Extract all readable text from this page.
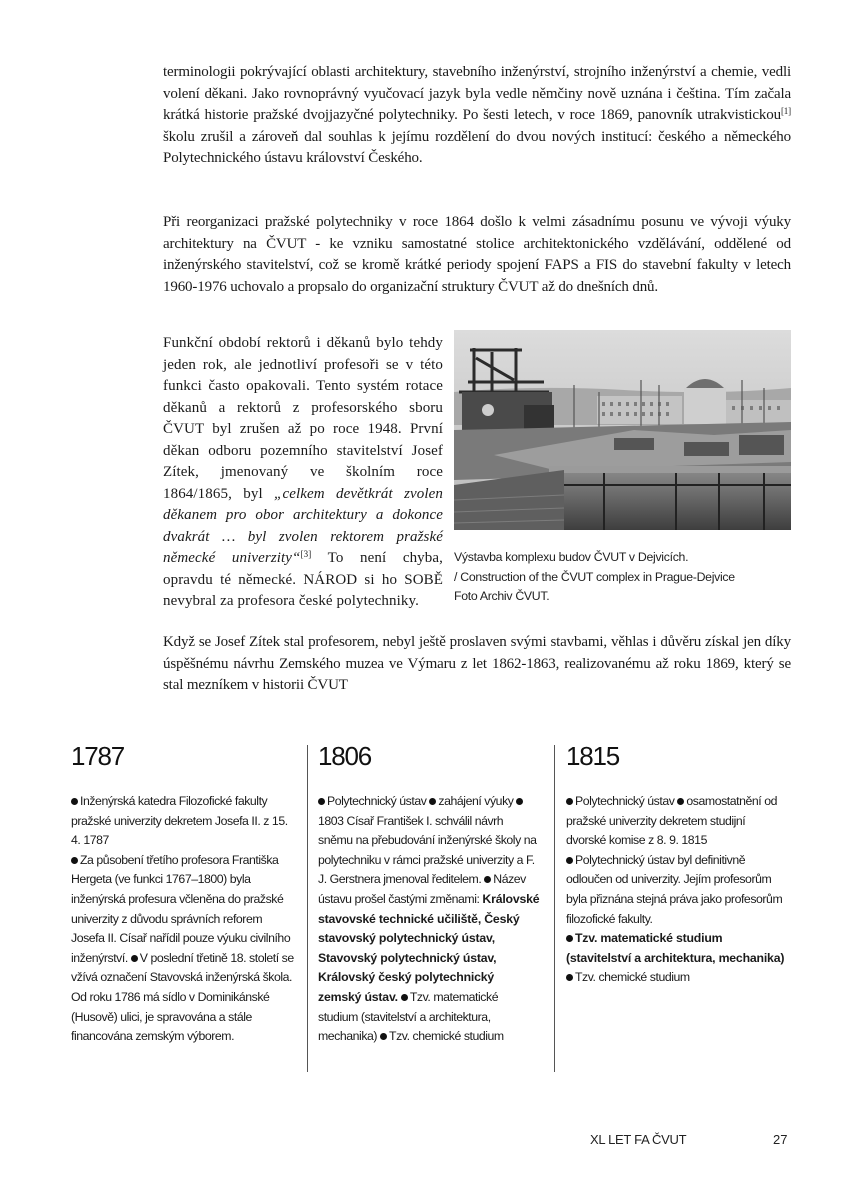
terminologii pokrývající oblasti architektury, stavebního inženýrství, strojního inženýrství a chemie, vedli volení děkani. Jako rovnoprávný vyučovací jazyk byla vedle němčiny nově uznána i čeština. Tím začala krátká historie pražské dvojjazyčné polytechniky. Po šesti letech, v roce 1869, panovník utrakvistickou[1] školu zrušil a zároveň dal souhlas k jejímu rozdělení do dvou nových institucí: českého a německého Polytechnického ústavu království Českého.

Při reorganizaci pražské polytechniky v roce 1864 došlo k velmi zásadnímu posunu ve vývoji výuky architektury na ČVUT - ke vzniku samostatné stolice architektonického vzdělávání, oddělené od inženýrského stavitelství, což se kromě krátké periody spojení FAPS a FIS do stavební fakulty v letech 1960-1976 uchovalo a propsalo do organizační struktury ČVUT až do dnešních dnů.

Funkční období rektorů i děkanů bylo tehdy jeden rok, ale jednotliví profesoři se v této funkci často opakovali. Tento systém rotace děkanů a rektorů z profesorského sboru ČVUT byl zrušen až po roce 1948. První děkan odboru pozemního stavitelství Josef Zítek, jmenovaný ve školním roce 1864/1865, byl „celkem devětkrát zvolen děkanem pro obor architektury a dokonce dvakrát … byl zvolen rektorem pražské německé univerzity“[3] To není chyba, opravdu té německé. NÁROD si ho SOBĚ nevybral za profesora české polytechniky.

Výstavba komplexu budov ČVUT v Dejvicích.
/ Construction of the ČVUT complex in Prague-Dejvice
Foto Archiv ČVUT.

Když se Josef Zítek stal profesorem, nebyl ještě proslaven svými stavbami, věhlas i důvěru získal jen díky úspěšnému návrhu Zemského muzea ve Výmaru z let 1862-1863, realizovanému až roku 1869, který se stal mezníkem v historii ČVUT

1787

Inženýrská katedra Filozofické fakulty pražské univerzity dekretem Josefa II. z 15. 4. 1787
Za působení třetího profesora Františka Hergeta (ve funkci 1767–1800) byla inženýrská profesura včleněna do pražské univerzity z důvodu správních reforem Josefa II. Císař nařídil pouze výuku civilního inženýrství. V poslední třetině 18. století se vžívá označení Stavovská inženýrská škola. Od roku 1786 má sídlo v Dominikánské (Husově) ulici, je spravována a stále financována zemským výborem.

1806

Polytechnický ústav zahájení výuky 1803 Císař František I. schválil návrh sněmu na přebudování inženýrské školy na polytechniku v rámci pražské univerzity a F. J. Gerstnera jmenoval ředitelem. Název ústavu prošel častými změnami: Královské stavovské technické učiliště, Český stavovský polytechnický ústav, Stavovský polytechnický ústav, Královský český polytechnický zemský ústav. Tzv. matematické studium (stavitelství a architektura, mechanika) Tzv. chemické studium

1815

Polytechnický ústav osamostatnění od pražské univerzity dekretem studijní dvorské komise z 8. 9. 1815
Polytechnický ústav byl definitivně odloučen od univerzity. Jejím profesorům byla přiznána stejná práva jako profesorům filozofické fakulty.
Tzv. matematické studium (stavitelství a architektura, mechanika) Tzv. chemické studium

XL LET FA ČVUT	27
